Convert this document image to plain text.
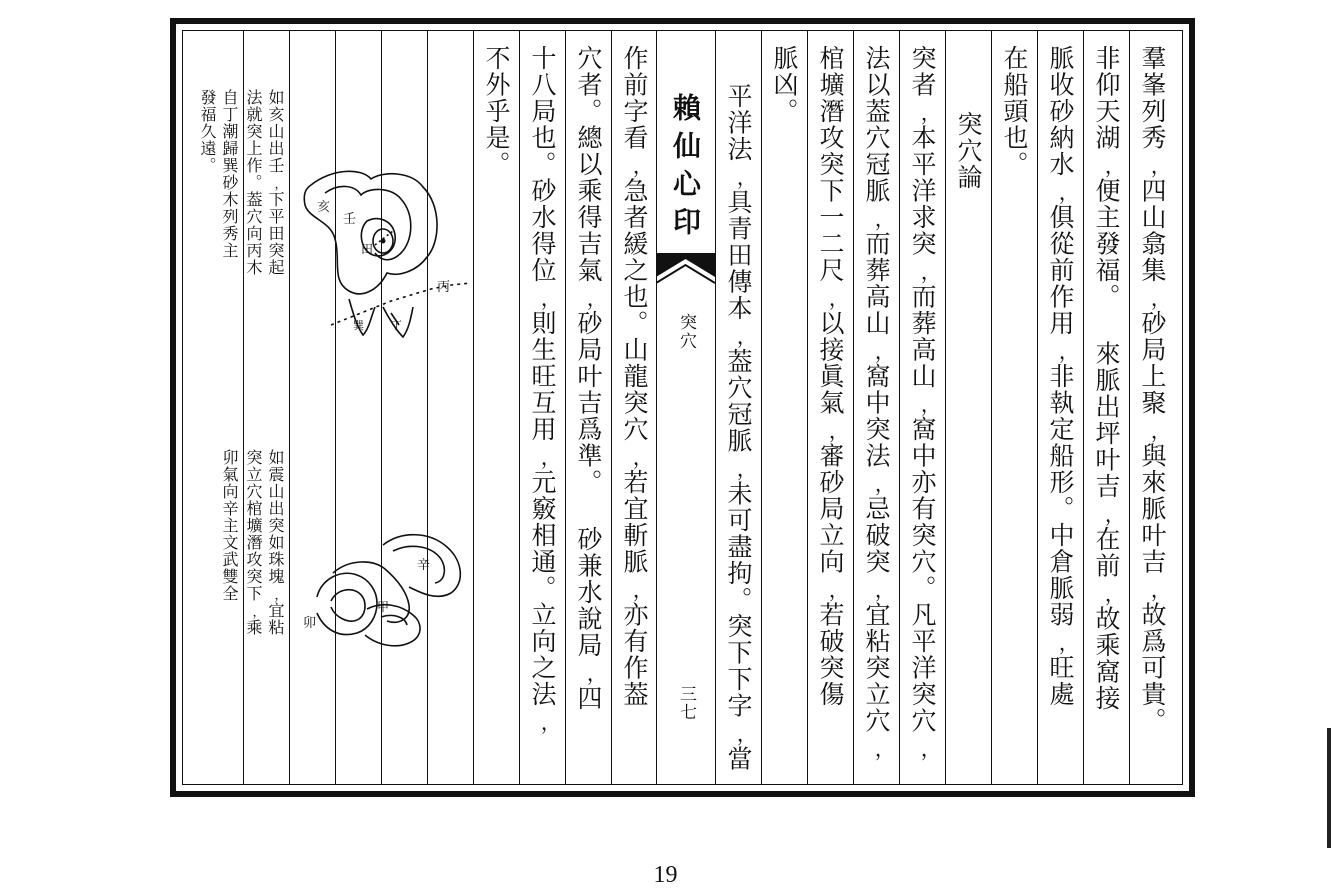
羣峯列秀﹐四山翕集﹐砂局上聚﹐與來脈叶吉﹐故爲可貴。
非仰天湖﹐便主發福。 來脈出坪叶吉﹐在前﹐故乘窩接
脈收砂納水﹐俱從前作用﹐非執定船形。中倉脈弱﹐旺處
在船頭也。
突穴論
突者﹐本平洋求突﹐而葬高山﹐窩中亦有突穴。凡平洋突穴﹐
法以葢穴冠脈﹐而葬高山﹐窩中突法﹐忌破突﹐宜粘突立穴﹐
棺壙潛攻突下一二尺﹐以接眞氣﹐審砂局立向﹐若破突傷
脈凶。
平洋法﹐具青田傳本﹐葢穴冠脈﹐未可盡拘。突下下字﹐當
作前字看﹐急者緩之也。山龍突穴﹐若宜斬脈﹐亦有作葢
穴者。總以乘得吉氣﹐砂局叶吉爲準。 砂兼水說局﹐四
十八局也。砂水得位﹐則生旺互用﹐元竅相通。立向之法﹐
不外乎是。	賴仙心印
突穴
三七
如亥山出壬﹐下平田突起
法就突上作。葢穴向丙木
自丁潮歸巽砂木列秀主
發福久遠。
如震山出突如珠塊﹐宜粘
突立穴棺壙潛攻突下﹐乘
卯氣向辛主文武雙全
亥
壬
田
丙
丁
巽
卯
辛
甲
19
